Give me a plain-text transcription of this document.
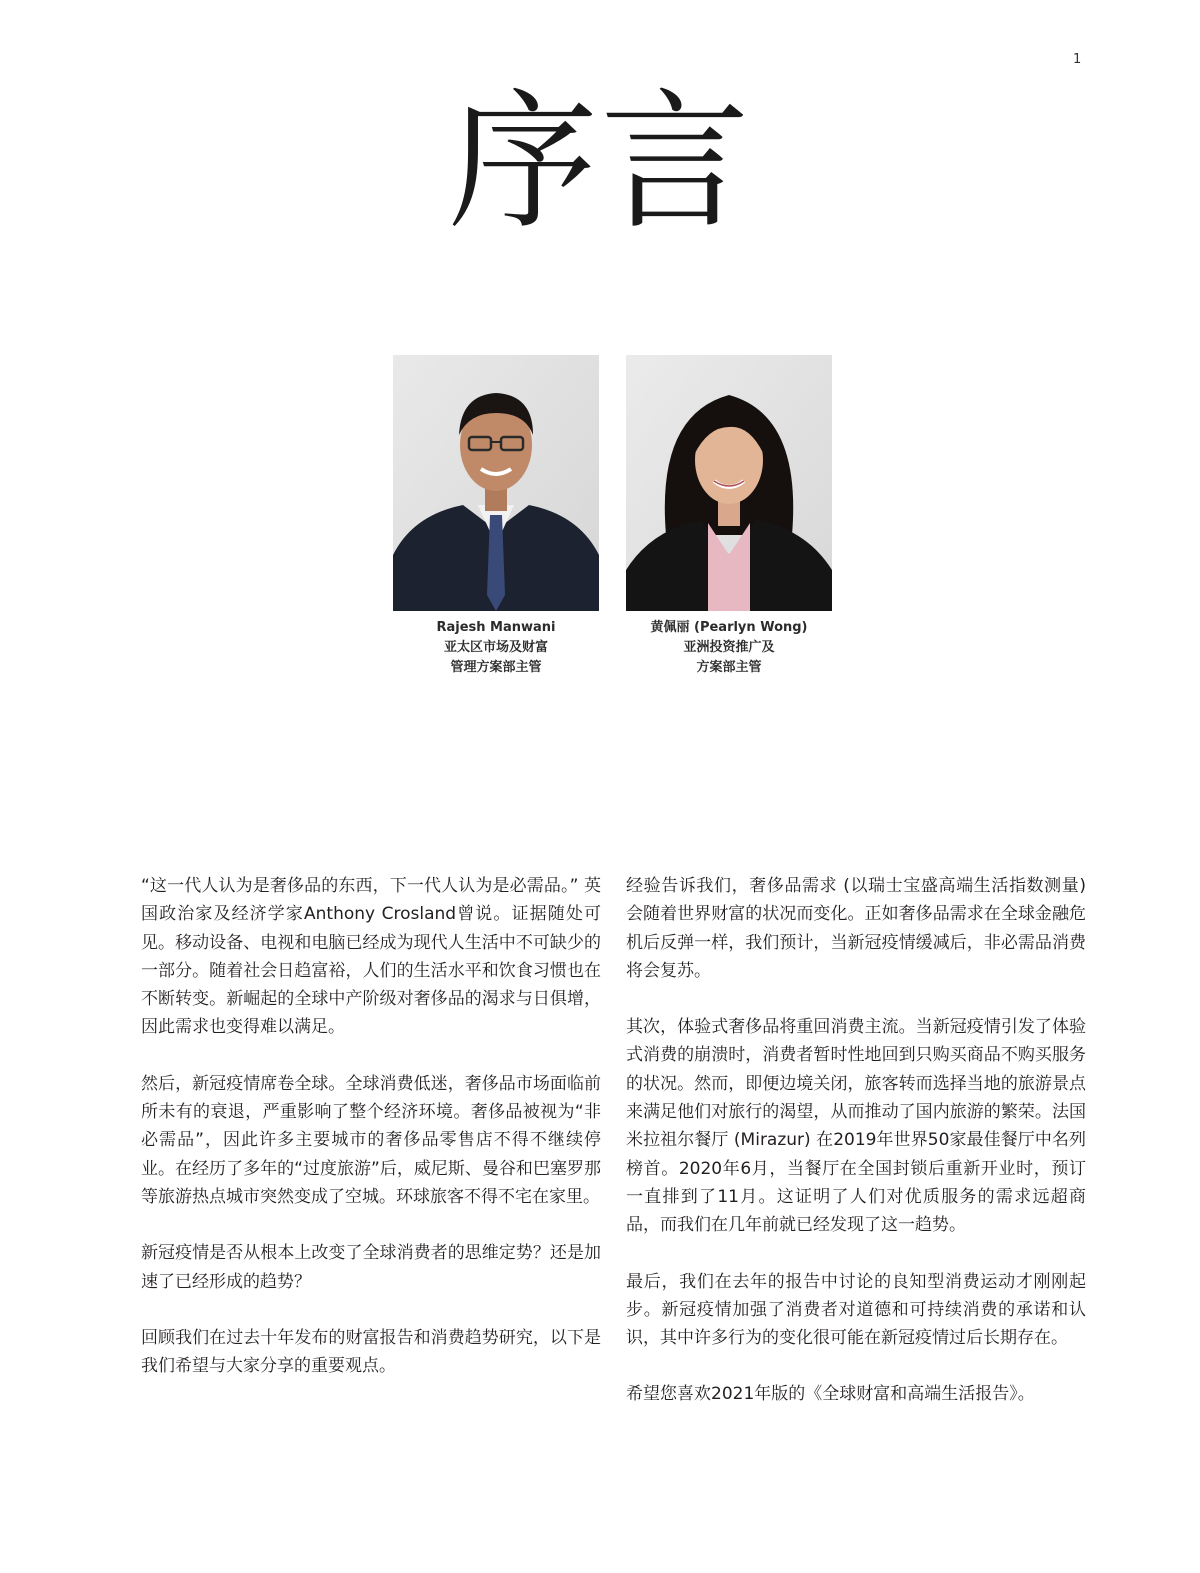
1
序言
Rajesh Manwani
亚太区市场及财富
管理方案部主管
黄佩丽 (Pearlyn Wong)
亚洲投资推广及
方案部主管

“这一代人认为是奢侈品的东西，下一代人认为是必需品。” 英国政治家及经济学家Anthony Crosland曾说。证据随处可见。移动设备、电视和电脑已经成为现代人生活中不可缺少的一部分。随着社会日趋富裕，人们的生活水平和饮食习惯也在不断转变。新崛起的全球中产阶级对奢侈品的渴求与日俱增，因此需求也变得难以满足。

然后，新冠疫情席卷全球。全球消费低迷，奢侈品市场面临前所未有的衰退，严重影响了整个经济环境。奢侈品被视为“非必需品”，因此许多主要城市的奢侈品零售店不得不继续停业。在经历了多年的“过度旅游”后，威尼斯、曼谷和巴塞罗那等旅游热点城市突然变成了空城。环球旅客不得不宅在家里。

新冠疫情是否从根本上改变了全球消费者的思维定势？还是加速了已经形成的趋势？

回顾我们在过去十年发布的财富报告和消费趋势研究，以下是我们希望与大家分享的重要观点。

经验告诉我们，奢侈品需求 (以瑞士宝盛高端生活指数测量) 会随着世界财富的状况而变化。正如奢侈品需求在全球金融危机后反弹一样，我们预计，当新冠疫情缓减后，非必需品消费将会复苏。

其次，体验式奢侈品将重回消费主流。当新冠疫情引发了体验式消费的崩溃时，消费者暂时性地回到只购买商品不购买服务的状况。然而，即便边境关闭，旅客转而选择当地的旅游景点来满足他们对旅行的渴望，从而推动了国内旅游的繁荣。法国米拉祖尔餐厅 (Mirazur) 在2019年世界50家最佳餐厅中名列榜首。2020年6月，当餐厅在全国封锁后重新开业时，预订一直排到了11月。这证明了人们对优质服务的需求远超商品，而我们在几年前就已经发现了这一趋势。

最后，我们在去年的报告中讨论的良知型消费运动才刚刚起步。新冠疫情加强了消费者对道德和可持续消费的承诺和认识，其中许多行为的变化很可能在新冠疫情过后长期存在。

希望您喜欢2021年版的《全球财富和高端生活报告》。
